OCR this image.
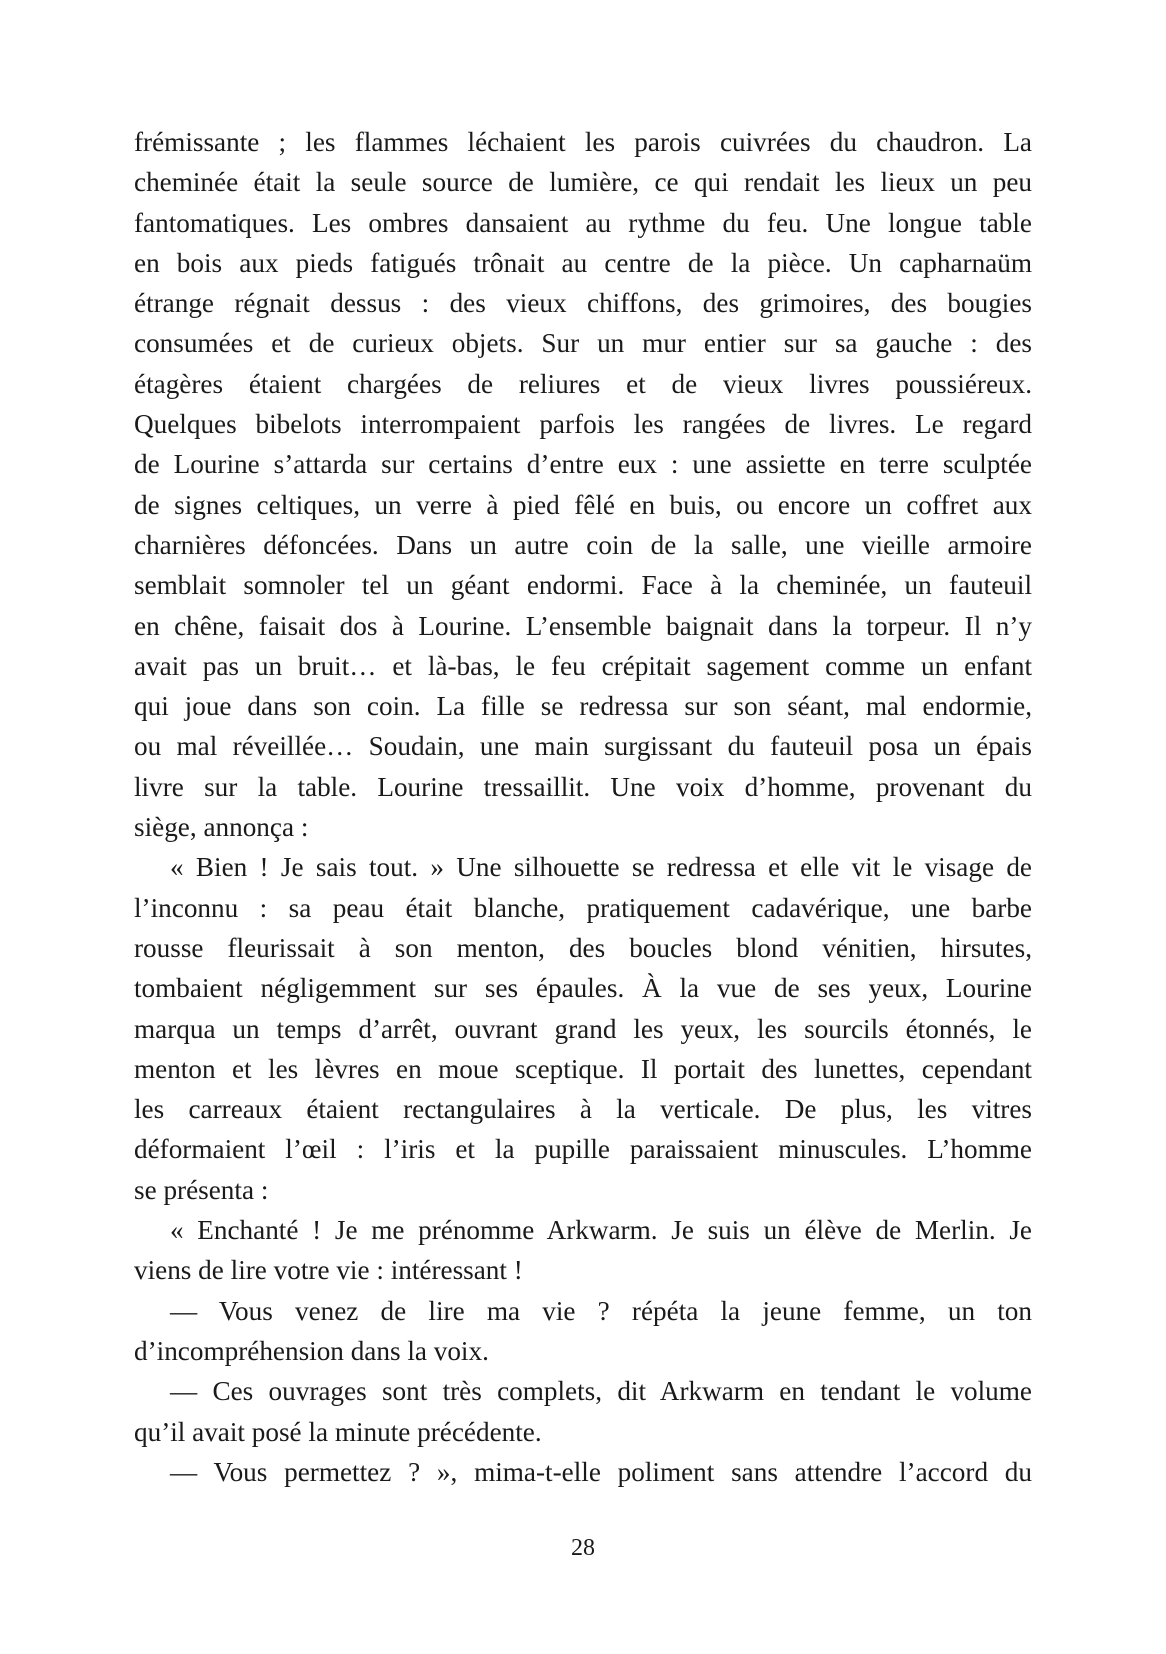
frémissante ; les flammes léchaient les parois cuivrées du chaudron. La

cheminée était la seule source de lumière, ce qui rendait les lieux un peu

fantomatiques. Les ombres dansaient au rythme du feu. Une longue table

en bois aux pieds fatigués trônait au centre de la pièce. Un capharnaüm

étrange régnait dessus : des vieux chiffons, des grimoires, des bougies

consumées et de curieux objets. Sur un mur entier sur sa gauche : des

étagères étaient chargées de reliures et de vieux livres poussiéreux.

Quelques bibelots interrompaient parfois les rangées de livres. Le regard

de Lourine s’attarda sur certains d’entre eux : une assiette en terre sculptée

de signes celtiques, un verre à pied fêlé en buis, ou encore un coffret aux

charnières défoncées. Dans un autre coin de la salle, une vieille armoire

semblait somnoler tel un géant endormi. Face à la cheminée, un fauteuil

en chêne, faisait dos à Lourine. L’ensemble baignait dans la torpeur. Il n’y

avait pas un bruit… et là-bas, le feu crépitait sagement comme un enfant

qui joue dans son coin. La fille se redressa sur son séant, mal endormie,

ou mal réveillée… Soudain, une main surgissant du fauteuil posa un épais

livre sur la table. Lourine tressaillit. Une voix d’homme, provenant du

siège, annonça :

« Bien ! Je sais tout. » Une silhouette se redressa et elle vit le visage de

l’inconnu : sa peau était blanche, pratiquement cadavérique, une barbe

rousse fleurissait à son menton, des boucles blond vénitien, hirsutes,

tombaient négligemment sur ses épaules. À la vue de ses yeux, Lourine

marqua un temps d’arrêt, ouvrant grand les yeux, les sourcils étonnés, le

menton et les lèvres en moue sceptique. Il portait des lunettes, cependant

les carreaux étaient rectangulaires à la verticale. De plus, les vitres

déformaient l’œil : l’iris et la pupille paraissaient minuscules. L’homme

se présenta :

« Enchanté ! Je me prénomme Arkwarm. Je suis un élève de Merlin. Je

viens de lire votre vie : intéressant !

— Vous venez de lire ma vie ? répéta la jeune femme, un ton

d’incompréhension dans la voix.

— Ces ouvrages sont très complets, dit Arkwarm en tendant le volume

qu’il avait posé la minute précédente.

— Vous permettez ? », mima-t-elle poliment sans attendre l’accord du

28
